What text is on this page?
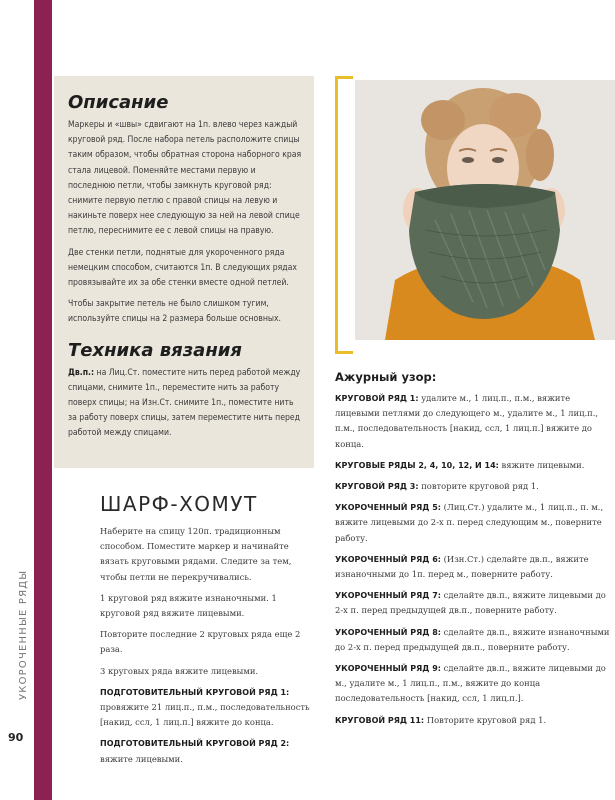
УКОРОЧЕННЫЕ РЯДЫ
90
Описание

Маркеры и «швы» сдвигают на 1п. влево через каждый круговой ряд. После набора петель расположите спицы таким образом, чтобы обратная сторона наборного края стала лицевой. Поменяйте местами первую и последнюю петли, чтобы замкнуть круговой ряд: снимите первую петлю с правой спицы на левую и накиньте поверх нее следующую за ней на левой спице петлю, переснимите ее с левой спицы на правую.

Две стенки петли, поднятые для укороченного ряда немецким способом, считаются 1п. В следующих рядах провязывайте их за обе стенки вместе одной петлей.

Чтобы закрытие петель не было слишком тугим, используйте спицы на 2 размера больше основных.

Техника вязания

Дв.п.: на Лиц.Ст. поместите нить перед работой между спицами, снимите 1п., переместите нить за работу поверх спицы; на Изн.Ст. снимите 1п., поместите нить за работу поверх спицы, затем переместите нить перед работой между спицами.

Ажурный узор:

КРУГОВОЙ РЯД 1: удалите м., 1 лиц.п., п.м., вяжите лицевыми петлями до следующего м., удалите м., 1 лиц.п., п.м., последовательность [накид, ссл, 1 лиц.п.] вяжите до конца.

КРУГОВЫЕ РЯДЫ 2, 4, 10, 12, И 14: вяжите лицевыми.

КРУГОВОЙ РЯД 3: повторите круговой ряд 1.

УКОРОЧЕННЫЙ РЯД 5: (Лиц.Ст.) удалите м., 1 лиц.п., п. м., вяжите лицевыми до 2-х п. перед следующим м., поверните работу.

УКОРОЧЕННЫЙ РЯД 6: (Изн.Ст.) сделайте дв.п., вяжите изнаночными до 1п. перед м., поверните работу.

УКОРОЧЕННЫЙ РЯД 7: сделайте дв.п., вяжите лицевыми до 2-х п. перед предыдущей дв.п., поверните работу.

УКОРОЧЕННЫЙ РЯД 8: сделайте дв.п., вяжите изнаночными до 2-х п. перед предыдущей дв.п., поверните работу.

УКОРОЧЕННЫЙ РЯД 9: сделайте дв.п., вяжите лицевыми до м., удалите м., 1 лиц.п., п.м., вяжите до конца последовательность [накид, ссл, 1 лиц.п.].

КРУГОВОЙ РЯД 11: Повторите круговой ряд 1.

ШАРФ-ХОМУТ

Наберите на спицу 120п. традиционным способом. Поместите маркер и начинайте вязать круговыми рядами. Следите за тем, чтобы петли не перекручивались.

1 круговой ряд вяжите изнаночными. 1 круговой ряд вяжите лицевыми.

Повторите последние 2 круговых ряда еще 2 раза.

3 круговых ряда вяжите лицевыми.

ПОДГОТОВИТЕЛЬНЫЙ КРУГОВОЙ РЯД 1: провяжите 21 лиц.п., п.м., последовательность [накид, ссл, 1 лиц.п.] вяжите до конца.

ПОДГОТОВИТЕЛЬНЫЙ КРУГОВОЙ РЯД 2: вяжите лицевыми.
